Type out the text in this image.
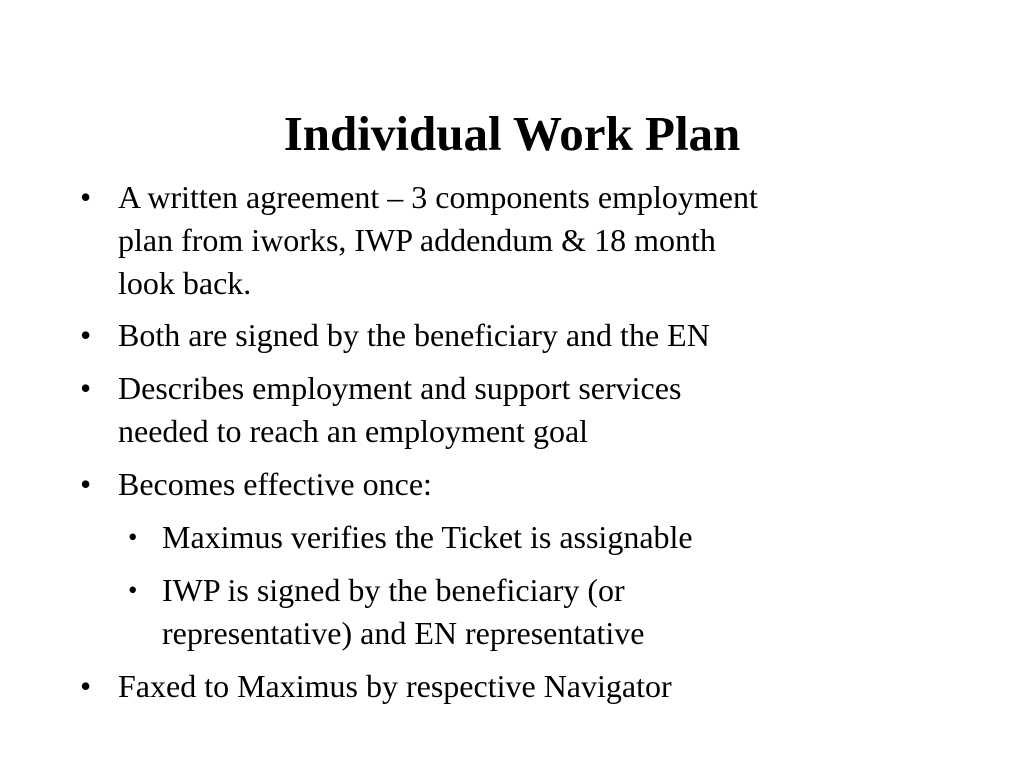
Individual Work Plan
• A written agreement – 3 components employment
plan from iworks, IWP addendum & 18 month
look back.
• Both are signed by the beneficiary and the EN
• Describes employment and support services
needed to reach an employment goal
• Becomes effective once:
• Maximus verifies the Ticket is assignable
• IWP is signed by the beneficiary (or
representative) and EN representative
• Faxed to Maximus by respective Navigator
